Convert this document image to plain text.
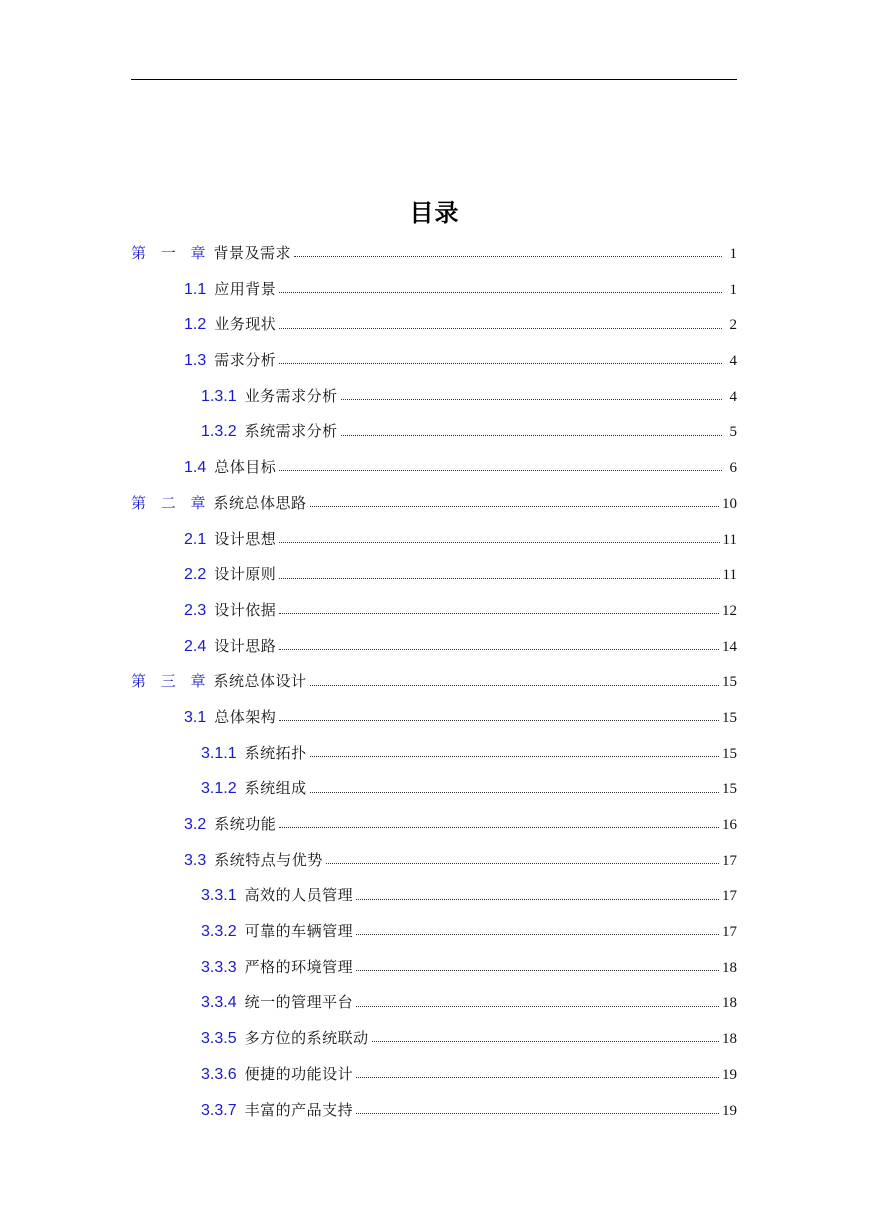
目录
第 一 章 背景及需求	1
1.1 应用背景	1
1.2 业务现状	2
1.3 需求分析	4
1.3.1 业务需求分析	4
1.3.2 系统需求分析	5
1.4 总体目标	6
第 二 章 系统总体思路	10
2.1 设计思想	11
2.2 设计原则	11
2.3 设计依据	12
2.4 设计思路	14
第 三 章 系统总体设计	15
3.1 总体架构	15
3.1.1 系统拓扑	15
3.1.2 系统组成	15
3.2 系统功能	16
3.3 系统特点与优势	17
3.3.1 高效的人员管理	17
3.3.2 可靠的车辆管理	17
3.3.3 严格的环境管理	18
3.3.4 统一的管理平台	18
3.3.5 多方位的系统联动	18
3.3.6 便捷的功能设计	19
3.3.7 丰富的产品支持	19
